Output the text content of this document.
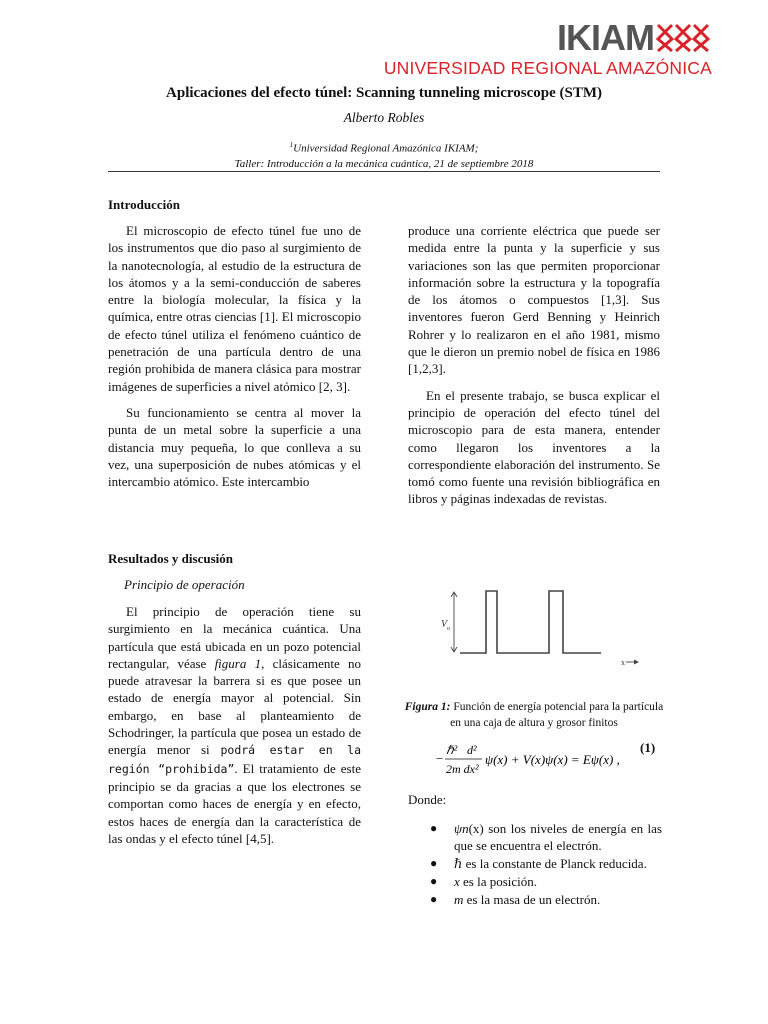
IKIAM
UNIVERSIDAD REGIONAL AMAZÓNICA
Aplicaciones del efecto túnel: Scanning tunneling microscope (STM)
Alberto Robles
$^1$Universidad Regional Amazónica IKIAM;
Taller: Introducción a la mecánica cuántica, 21 de septiembre 2018
Introducción

El microscopio de efecto túnel fue uno de los instrumentos que dio paso al surgimiento de la nanotecnología, al estudio de la estructura de los átomos y a la semi-conducción de saberes entre la biología molecular, la física y la química, entre otras ciencias [1]. El microscopio de efecto túnel utiliza el fenómeno cuántico de penetración de una partícula dentro de una región prohibida de manera clásica para mostrar imágenes de superficies a nivel atómico [2, 3].

Su funcionamiento se centra al mover la punta de un metal sobre la superficie a una distancia muy pequeña, lo que conlleva a su vez, una superposición de nubes atómicas y el intercambio atómico. Este intercambio

produce una corriente eléctrica que puede ser medida entre la punta y la superficie y sus variaciones son las que permiten proporcionar información sobre la estructura y la topografía de los átomos o compuestos [1,3]. Sus inventores fueron Gerd Benning y Heinrich Rohrer y lo realizaron en el año 1981, mismo que le dieron un premio nobel de física en 1986 [1,2,3].

En el presente trabajo, se busca explicar el principio de operación del efecto túnel del microscopio para de esta manera, entender como llegaron los inventores a la correspondiente elaboración del instrumento. Se tomó como fuente una revisión bibliográfica en libros y páginas indexadas de revistas.

Resultados y discusión
Principio de operación

El principio de operación tiene su surgimiento en la mecánica cuántica. Una partícula que está ubicada en un pozo potencial rectangular, véase figura 1, clásicamente no puede atravesar la barrera si es que posee un estado de energía mayor al potencial. Sin embargo, en base al planteamiento de Schodringer, la partícula que posea un estado de energía menor si podrá estar en la región “prohibida”. El tratamiento de este principio se da gracias a que los electrones se comportan como haces de energía y en efecto, estos haces de energía dan la característica de las ondas y el efecto túnel [4,5].

V o
x
Figura 1: Función de energía potencial para la partícula en una caja de altura y grosor finitos
−
ℏ² d²
2m dx²
ψ(x) + V(x)ψ(x) = Eψ(x) ,
(1)
Donde:
● ψn(x) son los niveles de energía en las que se encuentra el electrón.
● ℏ es la constante de Planck reducida.
● x es la posición.
● m es la masa de un electrón.
